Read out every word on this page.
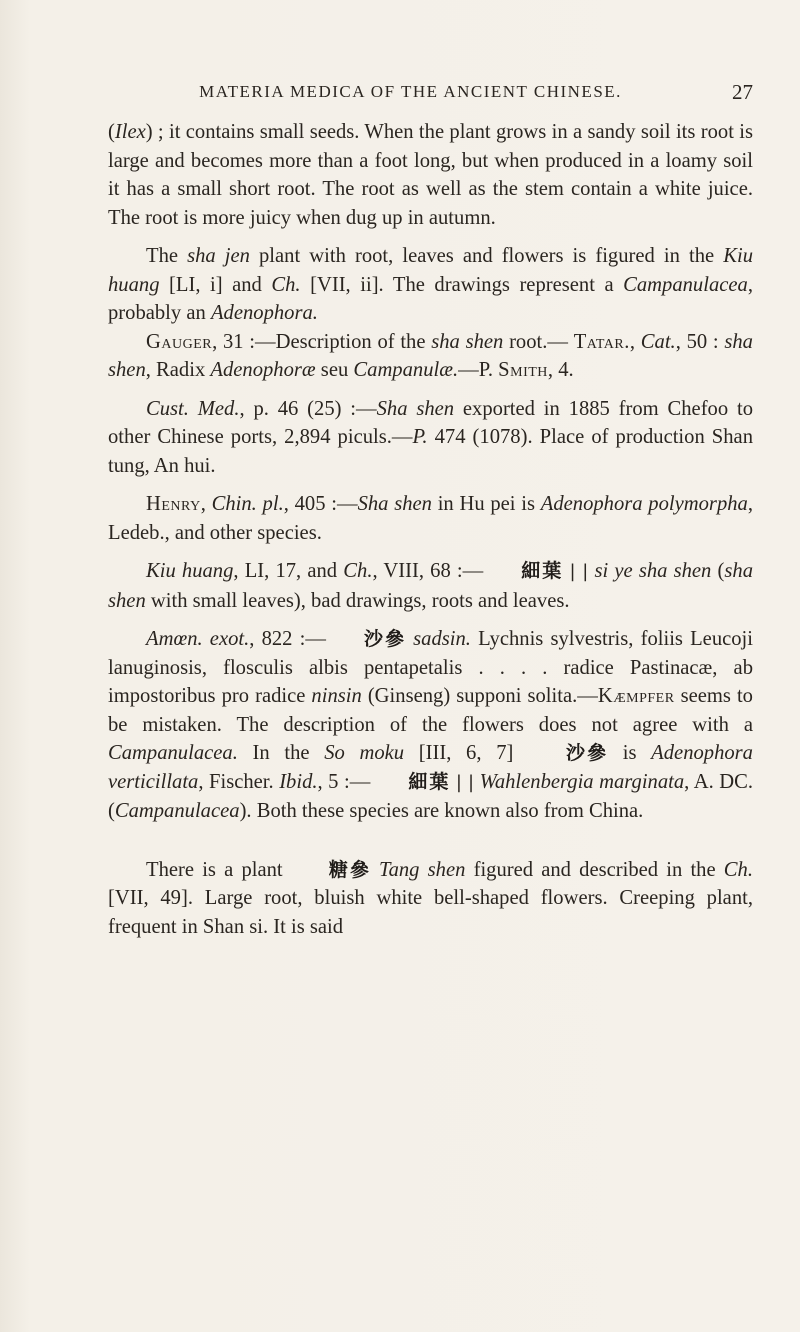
MATERIA MEDICA OF THE ANCIENT CHINESE.	27

(Ilex) ; it contains small seeds. When the plant grows in a sandy soil its root is large and becomes more than a foot long, but when produced in a loamy soil it has a small short root. The root as well as the stem contain a white juice. The root is more juicy when dug up in autumn.

The sha jen plant with root, leaves and flowers is figured in the Kiu huang [LI, i] and Ch. [VII, ii]. The drawings represent a Campanulacea, probably an Adenophora.

Gauger, 31 :—Description of the sha shen root.— Tatar., Cat., 50 : sha shen, Radix Adenophoræ seu Campanulæ.—P. Smith, 4.

Cust. Med., p. 46 (25) :—Sha shen exported in 1885 from Chefoo to other Chinese ports, 2,894 piculs.—P. 474 (1078). Place of production Shan tung, An hui.

Henry, Chin. pl., 405 :—Sha shen in Hu pei is Adenophora polymorpha, Ledeb., and other species.

Kiu huang, LI, 17, and Ch., VIII, 68 :— 細葉 | | si ye sha shen (sha shen with small leaves), bad drawings, roots and leaves.

Amœn. exot., 822 :— 沙參 sadsin. Lychnis sylvestris, foliis Leucoji lanuginosis, flosculis albis pentapetalis . . . . radice Pastinacæ, ab impostoribus pro radice ninsin (Ginseng) supponi solita.—Kæmpfer seems to be mistaken. The description of the flowers does not agree with a Campanulacea. In the So moku [III, 6, 7] 沙參 is Adenophora verticillata, Fischer. Ibid., 5 :— 細葉 | | Wahlenbergia marginata, A. DC. (Campanulacea). Both these species are known also from China.

There is a plant 糖參 Tang shen figured and described in the Ch. [VII, 49]. Large root, bluish white bell-shaped flowers. Creeping plant, frequent in Shan si. It is said
